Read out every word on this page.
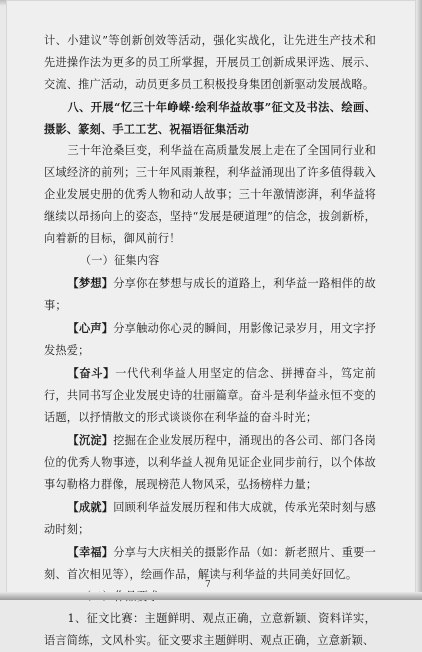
计、小建议”等创新创效等活动，强化实战化，让先进生产技术和先进操作法为更多的员工所掌握，开展员工创新成果评选、展示、交流、推广活动，动员更多员工积极投身集团创新驱动发展战略。

八、开展“忆三十年峥嵘·绘利华益故事”征文及书法、绘画、摄影、篆刻、手工工艺、祝福语征集活动

三十年沧桑巨变，利华益在高质量发展上走在了全国同行业和区域经济的前列；三十年风雨兼程，利华益涌现出了许多值得载入企业发展史册的优秀人物和动人故事；三十年激情澎湃，利华益将继续以昂扬向上的姿态，坚持“发展是硬道理”的信念，拔剑新桥，向着新的目标，御风前行！

（一）征集内容

【梦想】分享你在梦想与成长的道路上，利华益一路相伴的故事；

【心声】分享触动你心灵的瞬间，用影像记录岁月，用文字抒发热爱；

【奋斗】一代代利华益人用坚定的信念、拼搏奋斗，笃定前行，共同书写企业发展史诗的壮丽篇章。奋斗是利华益永恒不变的话题，以抒情散文的形式谈谈你在利华益的奋斗时光；

【沉淀】挖掘在企业发展历程中，涌现出的各公司、部门各岗位的优秀人物事迹，以利华益人视角见证企业同步前行，以个体故事勾勒格力群像，展现榜范人物风采，弘扬榜样力量；

【成就】回顾利华益发展历程和伟大成就，传承光荣时刻与感动时刻；

【幸福】分享与大庆相关的摄影作品（如：新老照片、重要一刻、首次相见等），绘画作品，解读与利华益的共同美好回忆。

1、征文比赛：主题鲜明、观点正确，立意新颖、资料详实，语言简练，文风朴实。征文要求主题鲜明、观点正确，立意新颖、

7
